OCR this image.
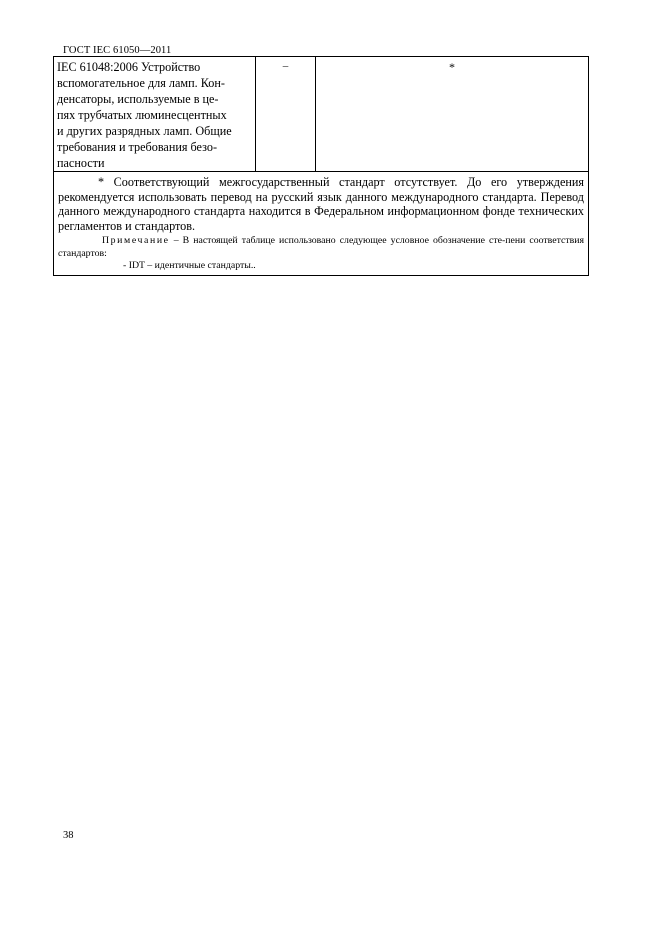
ГОСТ IEC 61050—2011
IEC 61048:2006 Устройство
вспомогательное для ламп. Кон-
денсаторы, используемые в це-
пях трубчатых люминесцентных
и других разрядных ламп. Общие
требования и требования безо-
пасности
	–	*

* Соответствующий межгосударственный стандарт отсутствует. До его утверждения рекомендуется использовать перевод на русский язык данного международного стандарта. Перевод данного международного стандарта находится в Федеральном информационном фонде технических регламентов и стандартов.

Примечание – В настоящей таблице использовано следующее условное обозначение сте-пени соответствия стандартов:

- IDT – идентичные стандарты..

38
